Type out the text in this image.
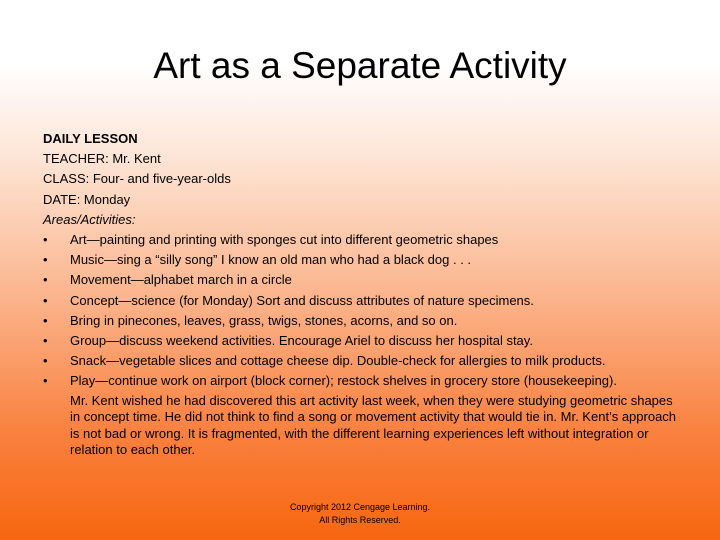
Art as a Separate Activity
DAILY LESSON
TEACHER: Mr. Kent
CLASS: Four- and five-year-olds
DATE: Monday
Areas/Activities:
• Art—painting and printing with sponges cut into different geometric shapes
• Music—sing a “silly song” I know an old man who had a black dog . . .
• Movement—alphabet march in a circle
• Concept—science (for Monday) Sort and discuss attributes of nature specimens.
• Bring in pinecones, leaves, grass, twigs, stones, acorns, and so on.
• Group—discuss weekend activities. Encourage Ariel to discuss her hospital stay.
• Snack—vegetable slices and cottage cheese dip. Double-check for allergies to milk products.
• Play—continue work on airport (block corner); restock shelves in grocery store (housekeeping).
Mr. Kent wished he had discovered this art activity last week, when they were studying geometric shapes in concept time. He did not think to find a song or movement activity that would tie in. Mr. Kent’s approach is not bad or wrong. It is fragmented, with the different learning experiences left without integration or relation to each other.
Copyright 2012 Cengage Learning.
All Rights Reserved.
